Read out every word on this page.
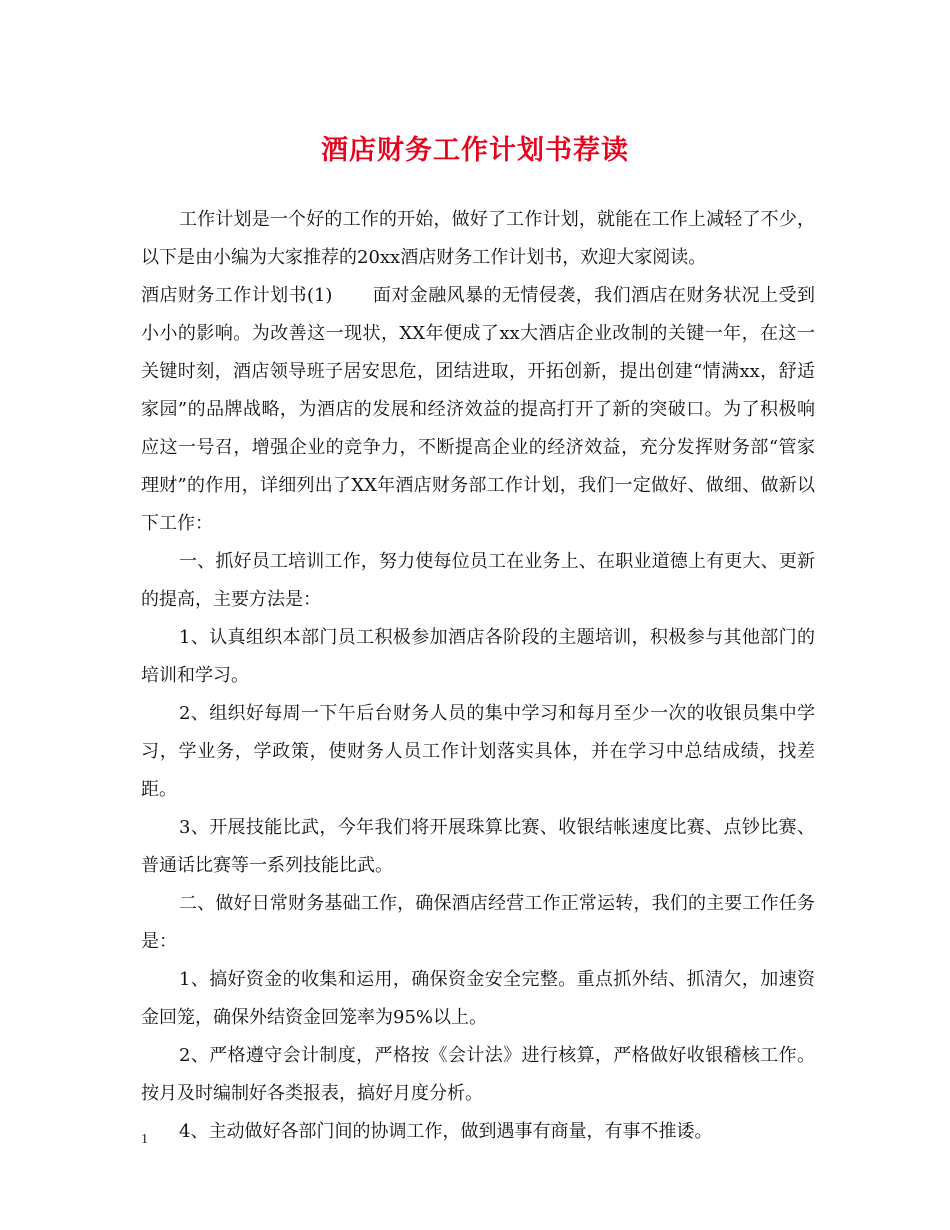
酒店财务工作计划书荐读

工作计划是一个好的工作的开始，做好了工作计划，就能在工作上减轻了不少，以下是由小编为大家推荐的20xx酒店财务工作计划书，欢迎大家阅读。

酒店财务工作计划书(1) 面对金融风暴的无情侵袭，我们酒店在财务状况上受到小小的影响。为改善这一现状，XX年便成了xx大酒店企业改制的关键一年，在这一关键时刻，酒店领导班子居安思危，团结进取，开拓创新，提出创建“情满xx，舒适家园”的品牌战略，为酒店的发展和经济效益的提高打开了新的突破口。为了积极响应这一号召，增强企业的竞争力，不断提高企业的经济效益，充分发挥财务部“管家理财”的作用，详细列出了XX年酒店财务部工作计划，我们一定做好、做细、做新以下工作：

一、抓好员工培训工作，努力使每位员工在业务上、在职业道德上有更大、更新的提高，主要方法是：

1、认真组织本部门员工积极参加酒店各阶段的主题培训，积极参与其他部门的培训和学习。

2、组织好每周一下午后台财务人员的集中学习和每月至少一次的收银员集中学习，学业务，学政策，使财务人员工作计划落实具体，并在学习中总结成绩，找差距。

3、开展技能比武，今年我们将开展珠算比赛、收银结帐速度比赛、点钞比赛、普通话比赛等一系列技能比武。

二、做好日常财务基础工作，确保酒店经营工作正常运转，我们的主要工作任务是：

1、搞好资金的收集和运用，确保资金安全完整。重点抓外结、抓清欠，加速资金回笼，确保外结资金回笼率为95%以上。

2、严格遵守会计制度，严格按《会计法》进行核算，严格做好收银稽核工作。按月及时编制好各类报表，搞好月度分析。

4、主动做好各部门间的协调工作，做到遇事有商量，有事不推诿。

1
